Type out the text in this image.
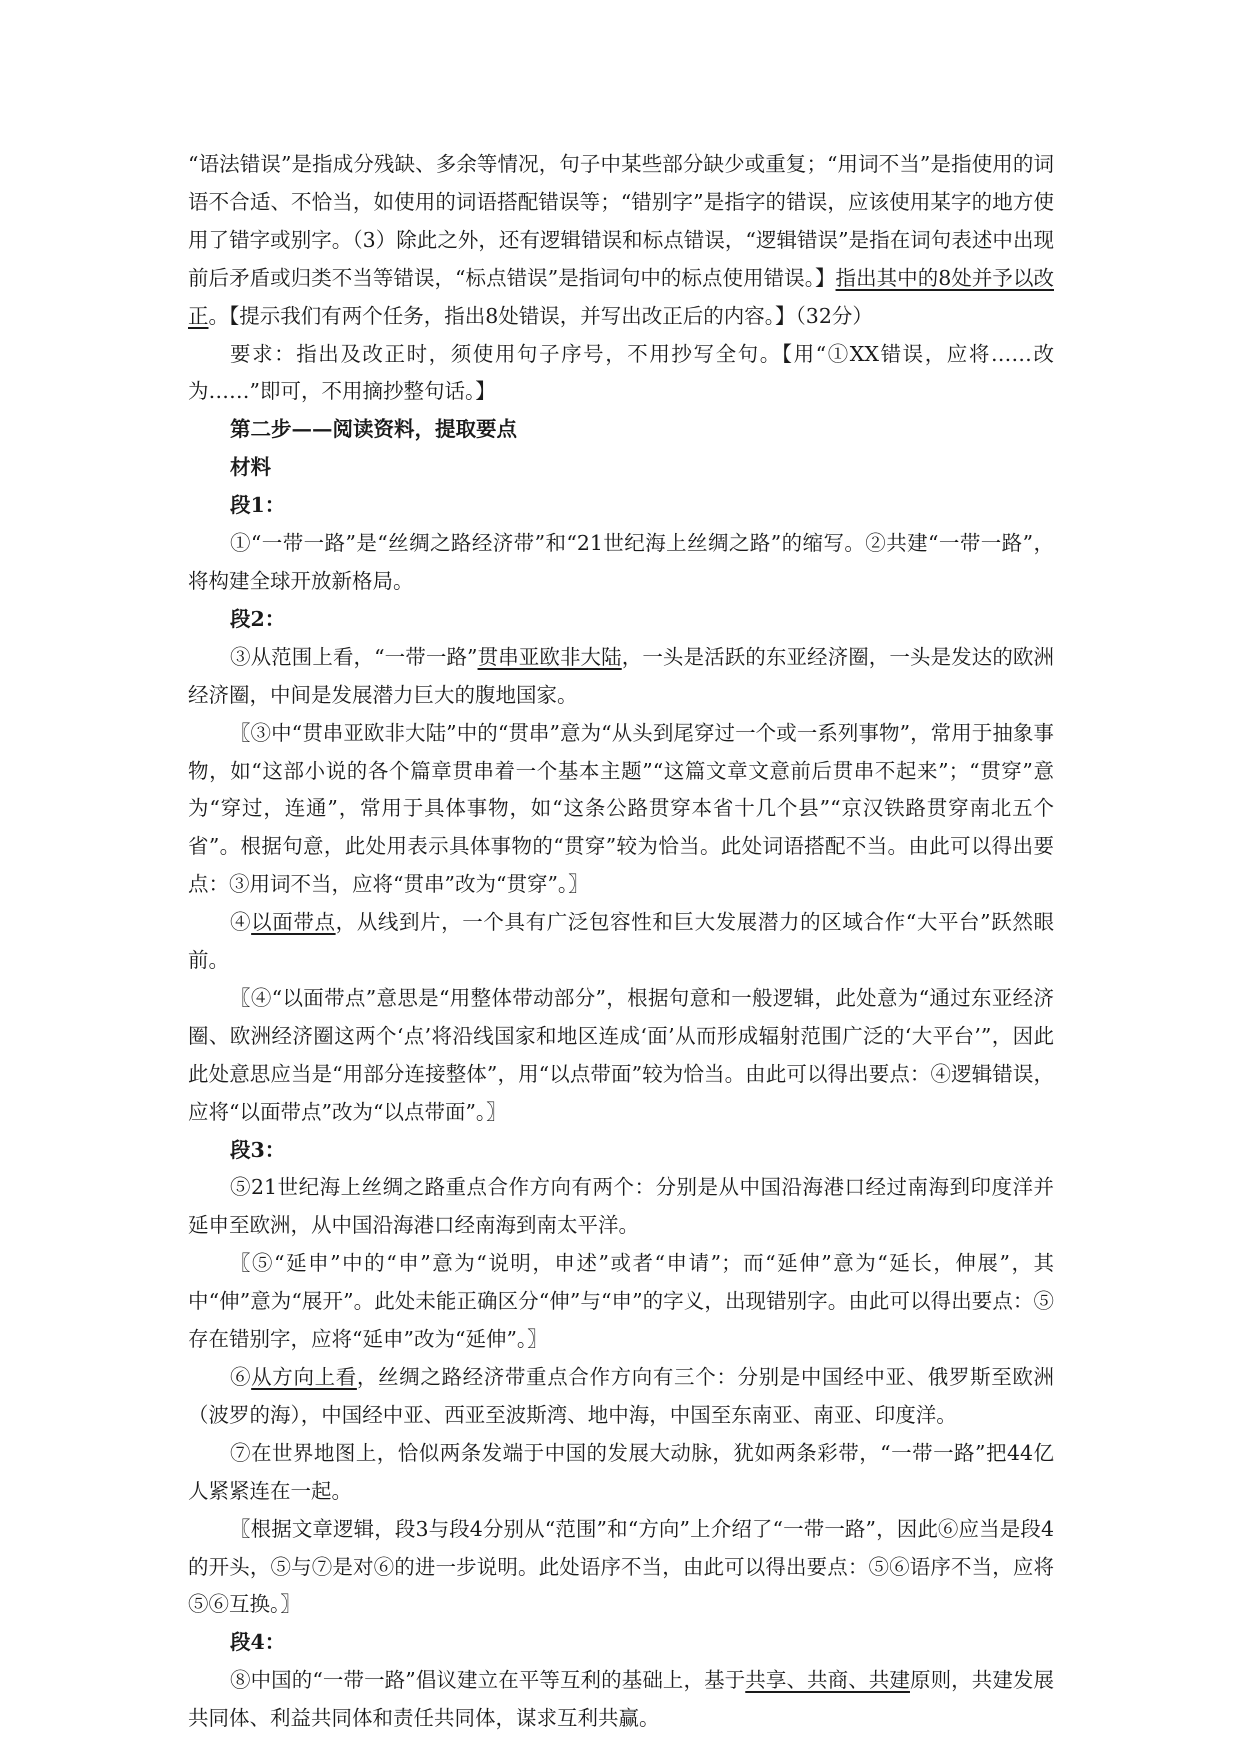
“语法错误”是指成分残缺、多余等情况，句子中某些部分缺少或重复；“用词不当”是指使用的词语不合适、不恰当，如使用的词语搭配错误等；“错别字”是指字的错误，应该使用某字的地方使用了错字或别字。（3）除此之外，还有逻辑错误和标点错误，“逻辑错误”是指在词句表述中出现前后矛盾或归类不当等错误，“标点错误”是指词句中的标点使用错误。】指出其中的8处并予以改正。【提示我们有两个任务，指出8处错误，并写出改正后的内容。】（32分）

要求：指出及改正时，须使用句子序号，不用抄写全句。【用“①XX错误，应将……改为……”即可，不用摘抄整句话。】

第二步——阅读资料，提取要点

材料

段1：

①“一带一路”是“丝绸之路经济带”和“21世纪海上丝绸之路”的缩写。②共建“一带一路”，将构建全球开放新格局。

段2：

③从范围上看，“一带一路”贯串亚欧非大陆，一头是活跃的东亚经济圈，一头是发达的欧洲经济圈，中间是发展潜力巨大的腹地国家。

〖③中“贯串亚欧非大陆”中的“贯串”意为“从头到尾穿过一个或一系列事物”，常用于抽象事物，如“这部小说的各个篇章贯串着一个基本主题”“这篇文章文意前后贯串不起来”；“贯穿”意为“穿过，连通”，常用于具体事物，如“这条公路贯穿本省十几个县”“京汉铁路贯穿南北五个省”。根据句意，此处用表示具体事物的“贯穿”较为恰当。此处词语搭配不当。由此可以得出要点：③用词不当，应将“贯串”改为“贯穿”。〗

④以面带点，从线到片，一个具有广泛包容性和巨大发展潜力的区域合作“大平台”跃然眼前。

〖④“以面带点”意思是“用整体带动部分”，根据句意和一般逻辑，此处意为“通过东亚经济圈、欧洲经济圈这两个‘点’将沿线国家和地区连成‘面’从而形成辐射范围广泛的‘大平台’”，因此此处意思应当是“用部分连接整体”，用“以点带面”较为恰当。由此可以得出要点：④逻辑错误，应将“以面带点”改为“以点带面”。〗

段3：

⑤21世纪海上丝绸之路重点合作方向有两个：分别是从中国沿海港口经过南海到印度洋并延申至欧洲，从中国沿海港口经南海到南太平洋。

〖⑤“延申”中的“申”意为“说明，申述”或者“申请”；而“延伸”意为“延长，伸展”，其中“伸”意为“展开”。此处未能正确区分“伸”与“申”的字义，出现错别字。由此可以得出要点：⑤存在错别字，应将“延申”改为“延伸”。〗

⑥从方向上看，丝绸之路经济带重点合作方向有三个：分别是中国经中亚、俄罗斯至欧洲（波罗的海），中国经中亚、西亚至波斯湾、地中海，中国至东南亚、南亚、印度洋。

⑦在世界地图上，恰似两条发端于中国的发展大动脉，犹如两条彩带，“一带一路”把44亿人紧紧连在一起。

〖根据文章逻辑，段3与段4分别从“范围”和“方向”上介绍了“一带一路”，因此⑥应当是段4的开头，⑤与⑦是对⑥的进一步说明。此处语序不当，由此可以得出要点：⑤⑥语序不当，应将⑤⑥互换。〗

段4：

⑧中国的“一带一路”倡议建立在平等互利的基础上，基于共享、共商、共建原则，共建发展共同体、利益共同体和责任共同体，谋求互利共赢。
